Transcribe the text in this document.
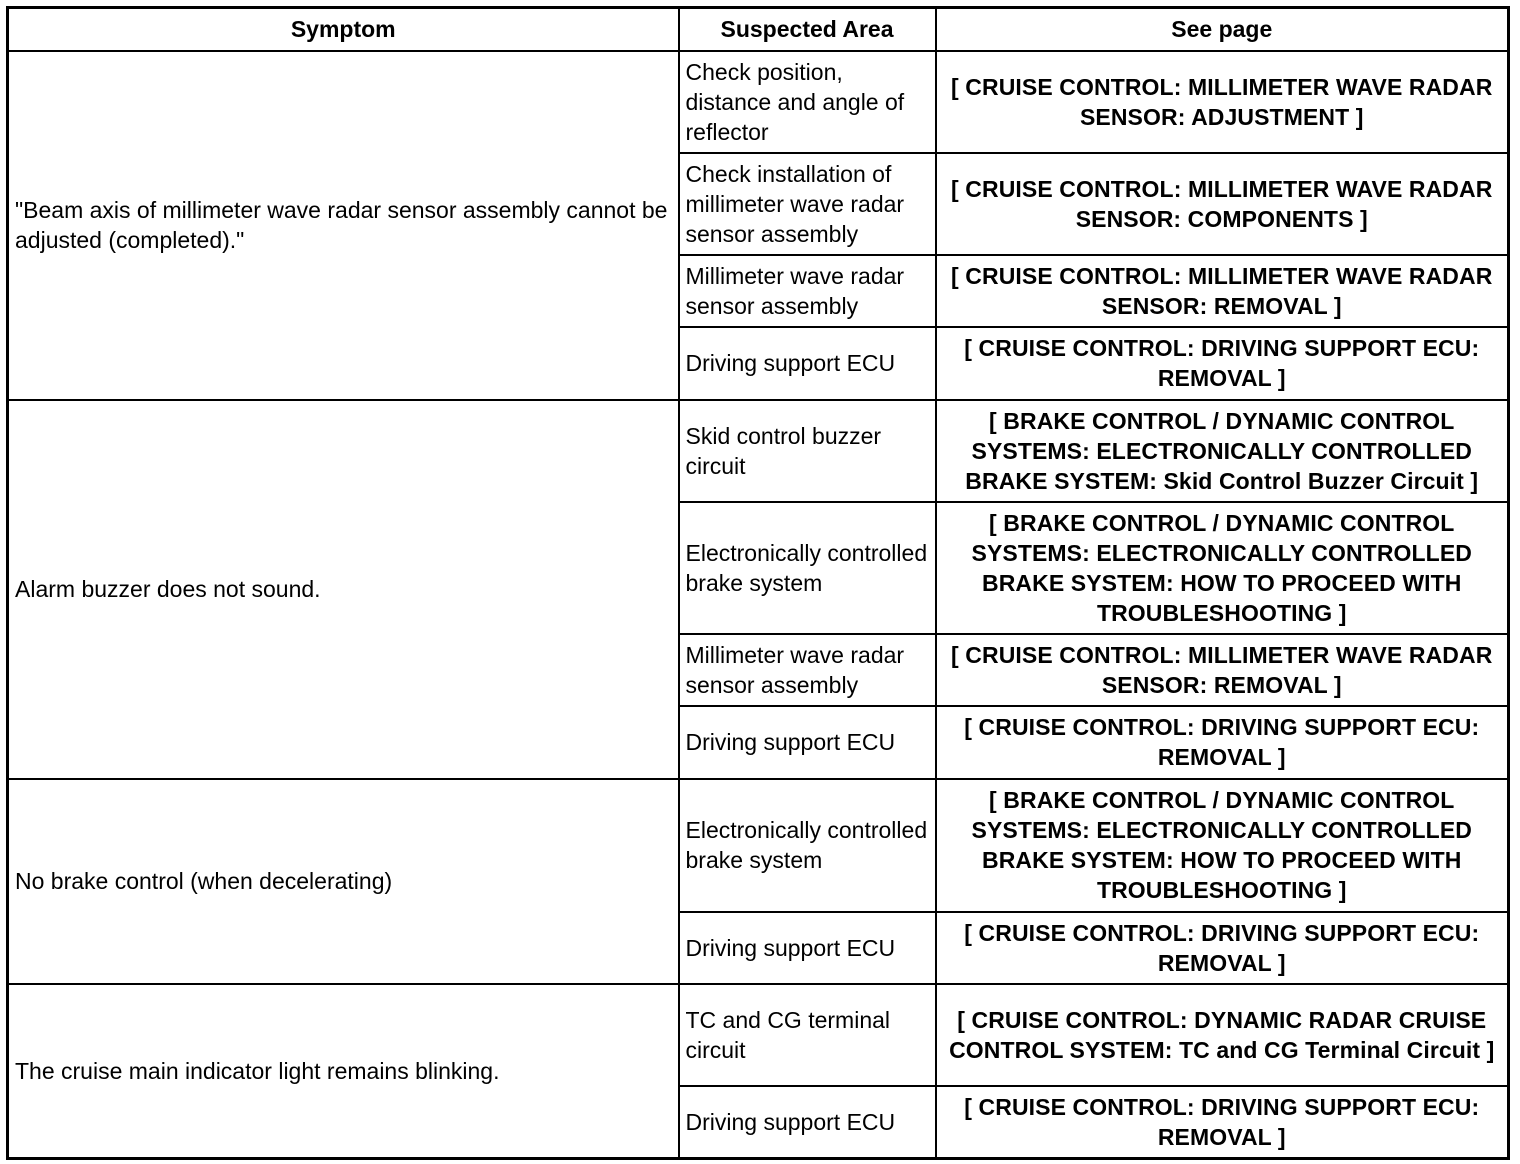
Symptom	Suspected Area	See page
"Beam axis of millimeter wave radar sensor assembly cannot be adjusted (completed)."	Check position, distance and angle of reflector	[ CRUISE CONTROL: MILLIMETER WAVE RADAR SENSOR: ADJUSTMENT ]
	Check installation of millimeter wave radar sensor assembly	[ CRUISE CONTROL: MILLIMETER WAVE RADAR SENSOR: COMPONENTS ]
	Millimeter wave radar sensor assembly	[ CRUISE CONTROL: MILLIMETER WAVE RADAR SENSOR: REMOVAL ]
	Driving support ECU	[ CRUISE CONTROL: DRIVING SUPPORT ECU: REMOVAL ]
Alarm buzzer does not sound.	Skid control buzzer circuit	[ BRAKE CONTROL / DYNAMIC CONTROL SYSTEMS: ELECTRONICALLY CONTROLLED BRAKE SYSTEM: Skid Control Buzzer Circuit ]
	Electronically controlled brake system	[ BRAKE CONTROL / DYNAMIC CONTROL SYSTEMS: ELECTRONICALLY CONTROLLED BRAKE SYSTEM: HOW TO PROCEED WITH TROUBLESHOOTING ]
	Millimeter wave radar sensor assembly	[ CRUISE CONTROL: MILLIMETER WAVE RADAR SENSOR: REMOVAL ]
	Driving support ECU	[ CRUISE CONTROL: DRIVING SUPPORT ECU: REMOVAL ]
No brake control (when decelerating)	Electronically controlled brake system	[ BRAKE CONTROL / DYNAMIC CONTROL SYSTEMS: ELECTRONICALLY CONTROLLED BRAKE SYSTEM: HOW TO PROCEED WITH TROUBLESHOOTING ]
	Driving support ECU	[ CRUISE CONTROL: DRIVING SUPPORT ECU: REMOVAL ]
The cruise main indicator light remains blinking.	TC and CG terminal circuit	[ CRUISE CONTROL: DYNAMIC RADAR CRUISE CONTROL SYSTEM: TC and CG Terminal Circuit ]
	Driving support ECU	[ CRUISE CONTROL: DRIVING SUPPORT ECU: REMOVAL ]
